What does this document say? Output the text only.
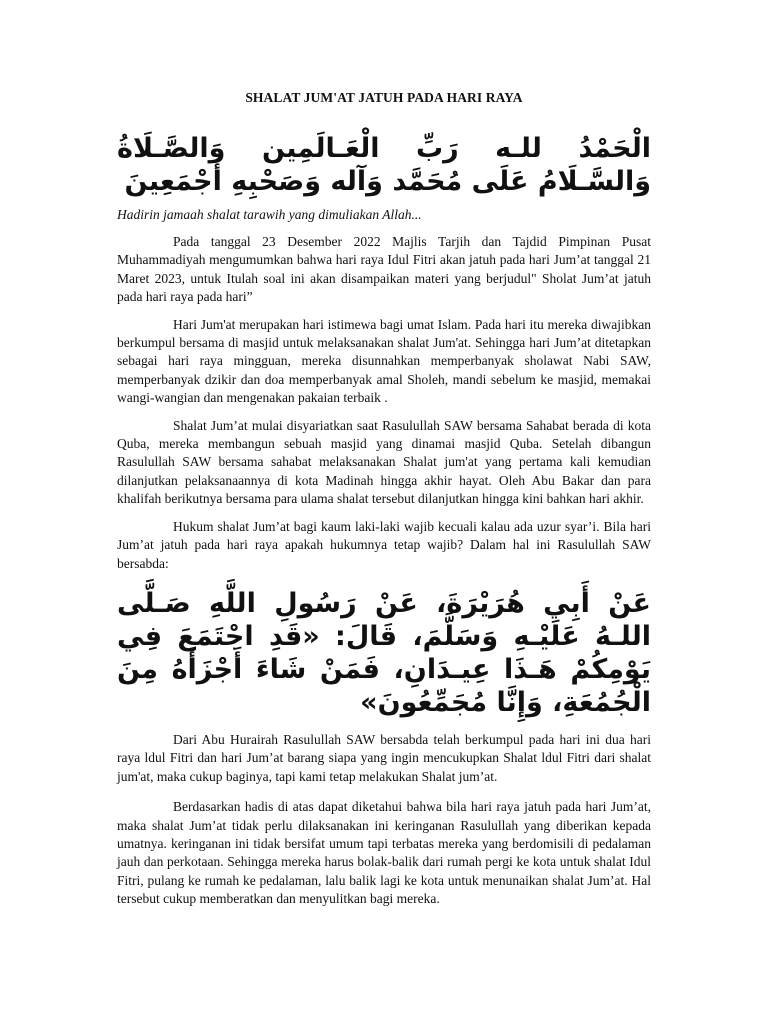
SHALAT JUM'AT JATUH PADA HARI RAYA

الْحَمْدُ للـه رَبِّ الْعَـالَمِين وَالصَّـلَاةُ وَالسَّـلَامُ عَلَى مُحَمَّد وَآله وَصَحْبِهِ أَجْمَعِينَ

Hadirin jamaah shalat tarawih yang dimuliakan Allah...

Pada tanggal 23 Desember 2022 Majlis Tarjih dan Tajdid Pimpinan Pusat Muhammadiyah mengumumkan bahwa hari raya Idul Fitri akan jatuh pada hari Jum’at tanggal 21 Maret 2023, untuk Itulah soal ini akan disampaikan materi yang berjudul" Sholat Jum’at jatuh pada hari raya pada hari”

Hari Jum'at merupakan hari istimewa bagi umat Islam. Pada hari itu mereka diwajibkan berkumpul bersama di masjid untuk melaksanakan shalat Jum'at. Sehingga hari Jum’at ditetapkan sebagai hari raya mingguan, mereka disunnahkan memperbanyak sholawat Nabi SAW, memperbanyak dzikir dan doa memperbanyak amal Sholeh, mandi sebelum ke masjid, memakai wangi-wangian dan mengenakan pakaian terbaik .

Shalat Jum’at mulai disyariatkan saat Rasulullah SAW bersama Sahabat berada di kota Quba, mereka membangun sebuah masjid yang dinamai masjid Quba. Setelah dibangun Rasulullah SAW bersama sahabat melaksanakan Shalat jum'at yang pertama kali kemudian dilanjutkan pelaksanaannya di kota Madinah hingga akhir hayat. Oleh Abu Bakar dan para khalifah berikutnya bersama para ulama shalat tersebut dilanjutkan hingga kini bahkan hari akhir.

Hukum shalat Jum’at bagi kaum laki-laki wajib kecuali kalau ada uzur syar’i. Bila hari Jum’at jatuh pada hari raya apakah hukumnya tetap wajib? Dalam hal ini Rasulullah SAW bersabda:

عَنْ أَبِي هُرَيْرَةَ، عَنْ رَسُولِ اللَّهِ صَـلَّى اللـهُ عَلَيْـهِ وَسَلَّمَ، قَالَ: «قَدِ اجْتَمَعَ فِي يَوْمِكُمْ هَـذَا عِيـدَانِ، فَمَنْ شَاءَ أَجْزَأَهُ مِنَ الْجُمُعَةِ، وَإِنَّا مُجَمِّعُونَ»

Dari Abu Hurairah Rasulullah SAW bersabda telah berkumpul pada hari ini dua hari raya ldul Fitri dan hari Jum’at barang siapa yang ingin mencukupkan Shalat ldul Fitri dari shalat jum'at, maka cukup baginya, tapi kami tetap melakukan Shalat jum’at.

Berdasarkan hadis di atas dapat diketahui bahwa bila hari raya jatuh pada hari Jum’at, maka shalat Jum’at tidak perlu dilaksanakan ini keringanan Rasulullah yang diberikan kepada umatnya. keringanan ini tidak bersifat umum tapi terbatas mereka yang berdomisili di pedalaman jauh dan perkotaan. Sehingga mereka harus bolak-balik dari rumah pergi ke kota untuk shalat Idul Fitri, pulang ke rumah ke pedalaman, lalu balik lagi ke kota untuk menunaikan shalat Jum’at. Hal tersebut cukup memberatkan dan menyulitkan bagi mereka.
